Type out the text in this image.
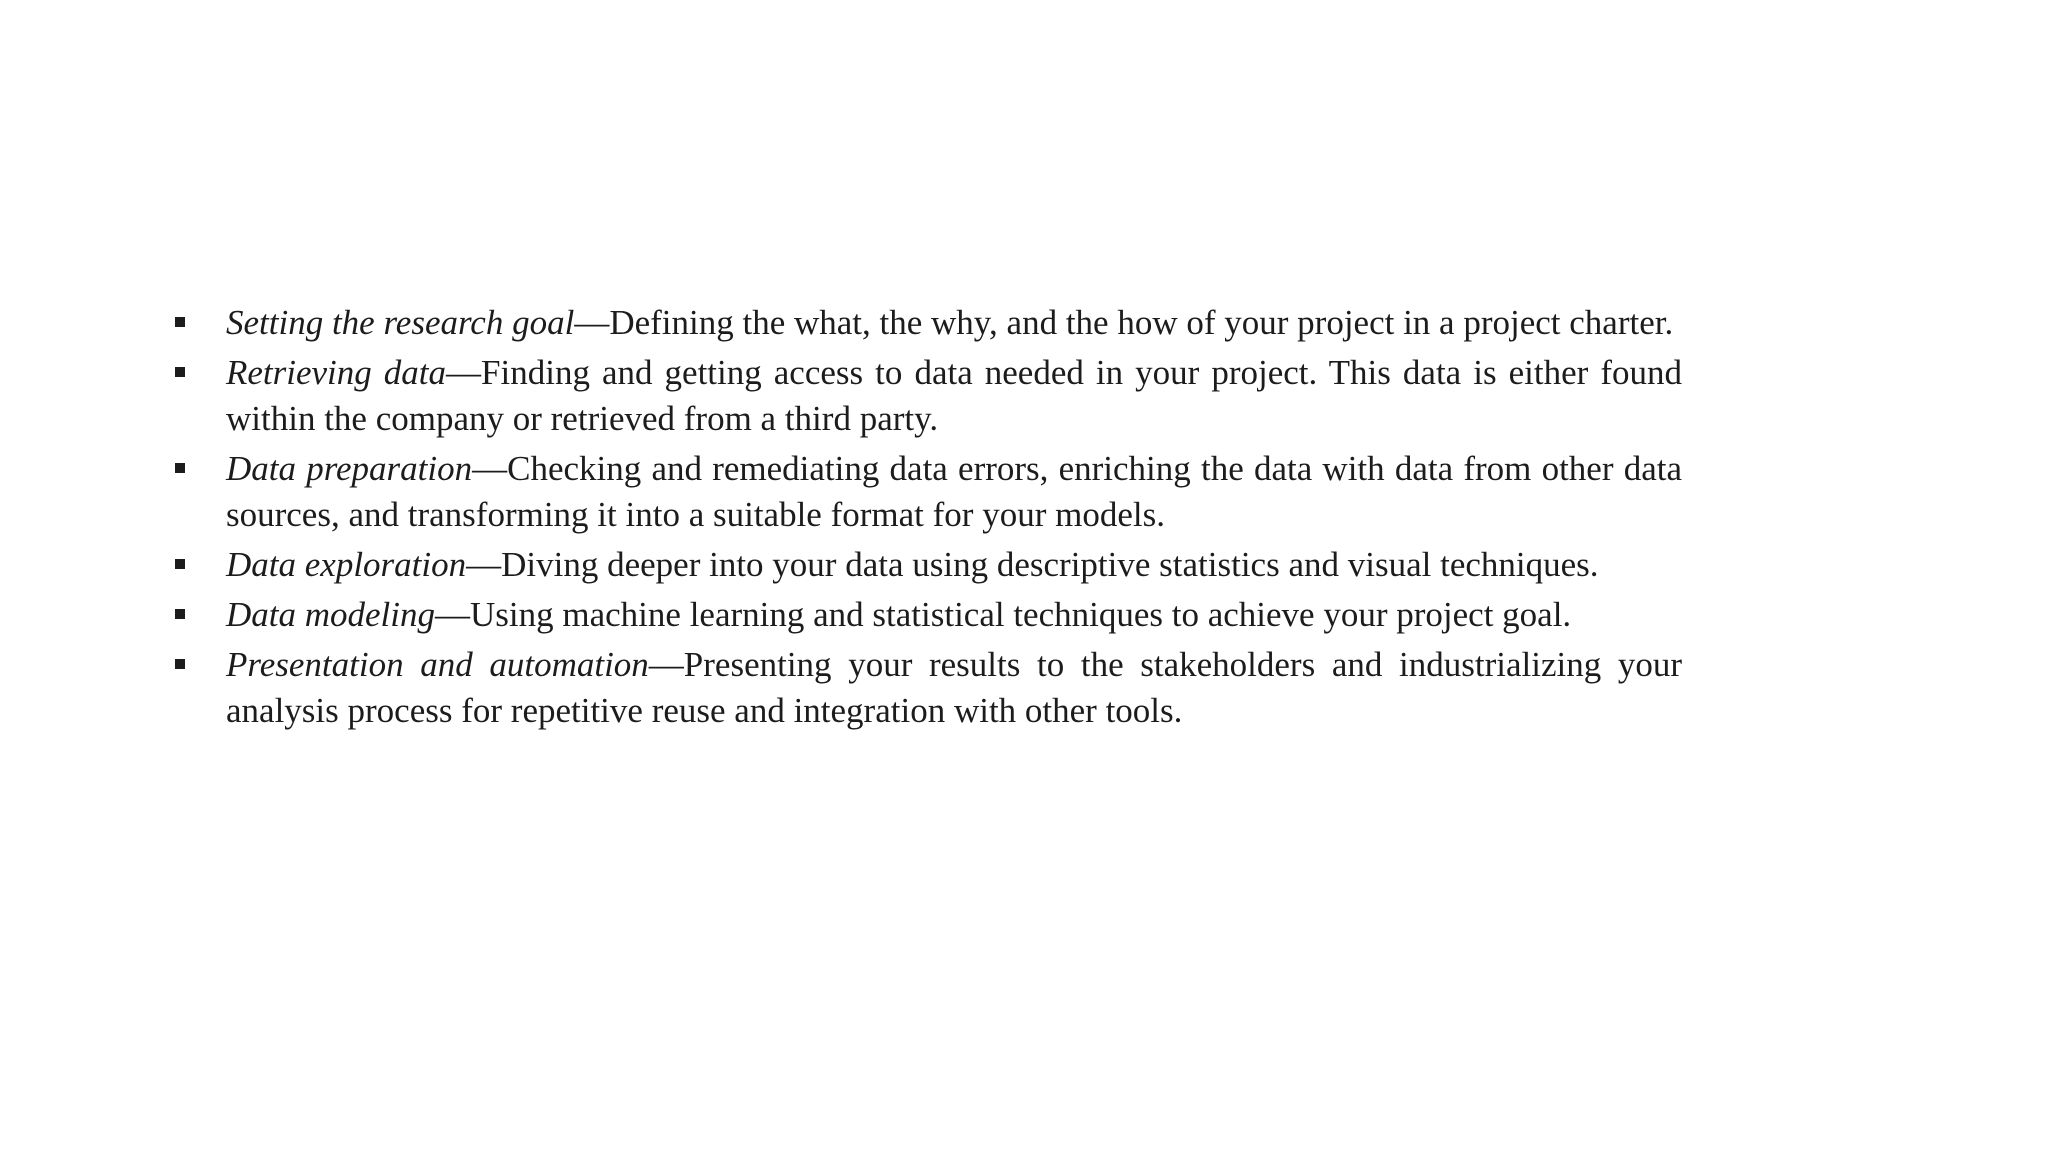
Setting the research goal—Defining the what, the why, and the how of your project in a project charter.
Retrieving data—Finding and getting access to data needed in your project. This data is either found within the company or retrieved from a third party.
Data preparation—Checking and remediating data errors, enriching the data with data from other data sources, and transforming it into a suitable format for your models.
Data exploration—Diving deeper into your data using descriptive statistics and visual techniques.
Data modeling—Using machine learning and statistical techniques to achieve your project goal.
Presentation and automation—Presenting your results to the stakeholders and industrializing your analysis process for repetitive reuse and integration with other tools.
